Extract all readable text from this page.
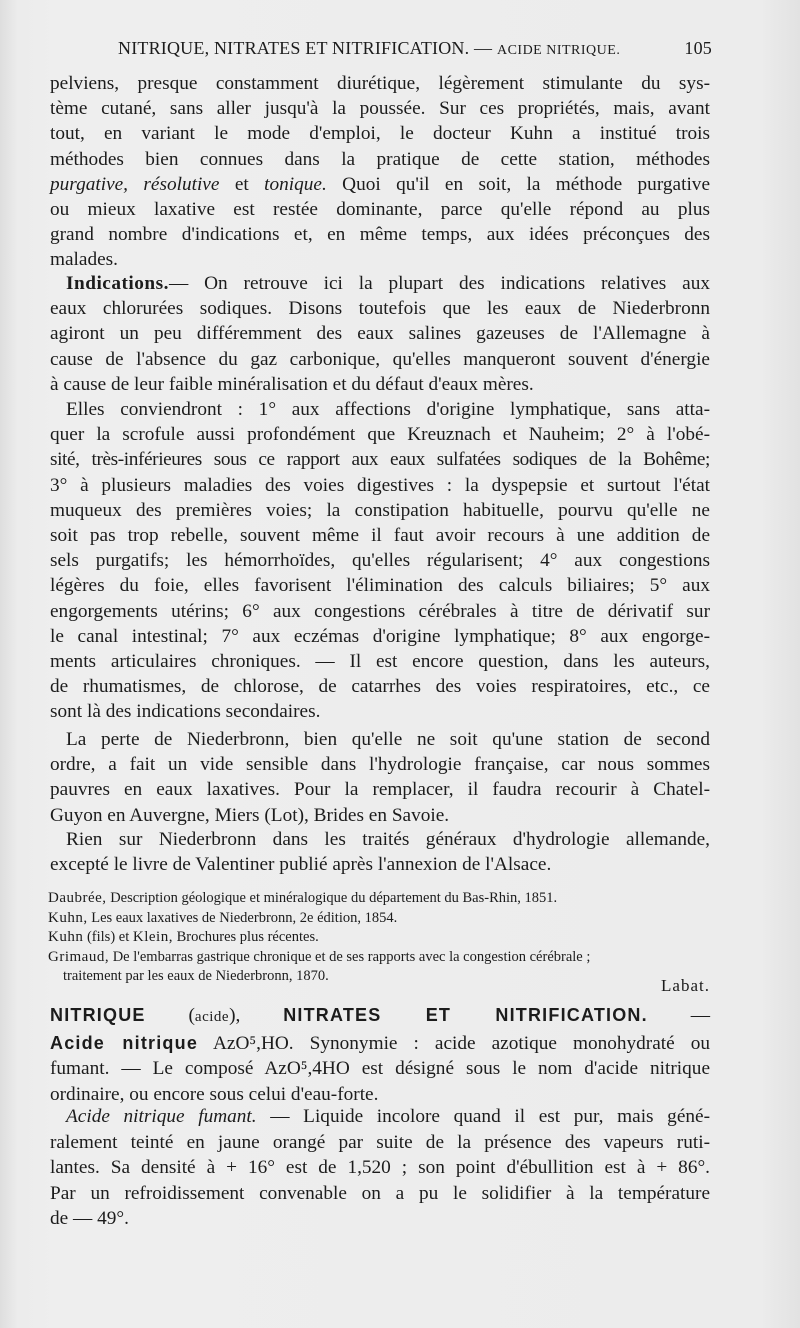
NITRIQUE, NITRATES ET NITRIFICATION. — ACIDE NITRIQUE.	105
pelviens, presque constamment diurétique, légèrement stimulante du sys-
tème cutané, sans aller jusqu'à la poussée. Sur ces propriétés, mais, avant
tout, en variant le mode d'emploi, le docteur Kuhn a institué trois
méthodes bien connues dans la pratique de cette station, méthodes
purgative, résolutive et tonique. Quoi qu'il en soit, la méthode purgative
ou mieux laxative est restée dominante, parce qu'elle répond au plus
grand nombre d'indications et, en même temps, aux idées préconçues des
malades.
Indications.— On retrouve ici la plupart des indications relatives aux
eaux chlorurées sodiques. Disons toutefois que les eaux de Niederbronn
agiront un peu différemment des eaux salines gazeuses de l'Allemagne à
cause de l'absence du gaz carbonique, qu'elles manqueront souvent d'énergie
à cause de leur faible minéralisation et du défaut d'eaux mères.
Elles conviendront : 1° aux affections d'origine lymphatique, sans atta-
quer la scrofule aussi profondément que Kreuznach et Nauheim; 2° à l'obé-
sité, très-inférieures sous ce rapport aux eaux sulfatées sodiques de la Bohême;
3° à plusieurs maladies des voies digestives : la dyspepsie et surtout l'état
muqueux des premières voies; la constipation habituelle, pourvu qu'elle ne
soit pas trop rebelle, souvent même il faut avoir recours à une addition de
sels purgatifs; les hémorrhoïdes, qu'elles régularisent; 4° aux congestions
légères du foie, elles favorisent l'élimination des calculs biliaires; 5° aux
engorgements utérins; 6° aux congestions cérébrales à titre de dérivatif sur
le canal intestinal; 7° aux eczémas d'origine lymphatique; 8° aux engorge-
ments articulaires chroniques. — Il est encore question, dans les auteurs,
de rhumatismes, de chlorose, de catarrhes des voies respiratoires, etc., ce
sont là des indications secondaires.
La perte de Niederbronn, bien qu'elle ne soit qu'une station de second
ordre, a fait un vide sensible dans l'hydrologie française, car nous sommes
pauvres en eaux laxatives. Pour la remplacer, il faudra recourir à Chatel-
Guyon en Auvergne, Miers (Lot), Brides en Savoie.
Rien sur Niederbronn dans les traités généraux d'hydrologie allemande,
excepté le livre de Valentiner publié après l'annexion de l'Alsace.
Daubrée, Description géologique et minéralogique du département du Bas-Rhin, 1851.
Kuhn, Les eaux laxatives de Niederbronn, 2e édition, 1854.
Kuhn (fils) et Klein, Brochures plus récentes.
Grimaud, De l'embarras gastrique chronique et de ses rapports avec la congestion cérébrale ;
traitement par les eaux de Niederbronn, 1870.	Labat.
NITRIQUE (acide), NITRATES ET NITRIFICATION. —
Acide nitrique AzO⁵,HO. Synonymie : acide azotique monohydraté ou
fumant. — Le composé AzO⁵,4HO est désigné sous le nom d'acide nitrique
ordinaire, ou encore sous celui d'eau-forte.
Acide nitrique fumant. — Liquide incolore quand il est pur, mais géné-
ralement teinté en jaune orangé par suite de la présence des vapeurs ruti-
lantes. Sa densité à + 16° est de 1,520 ; son point d'ébullition est à + 86°.
Par un refroidissement convenable on a pu le solidifier à la température
de — 49°.
